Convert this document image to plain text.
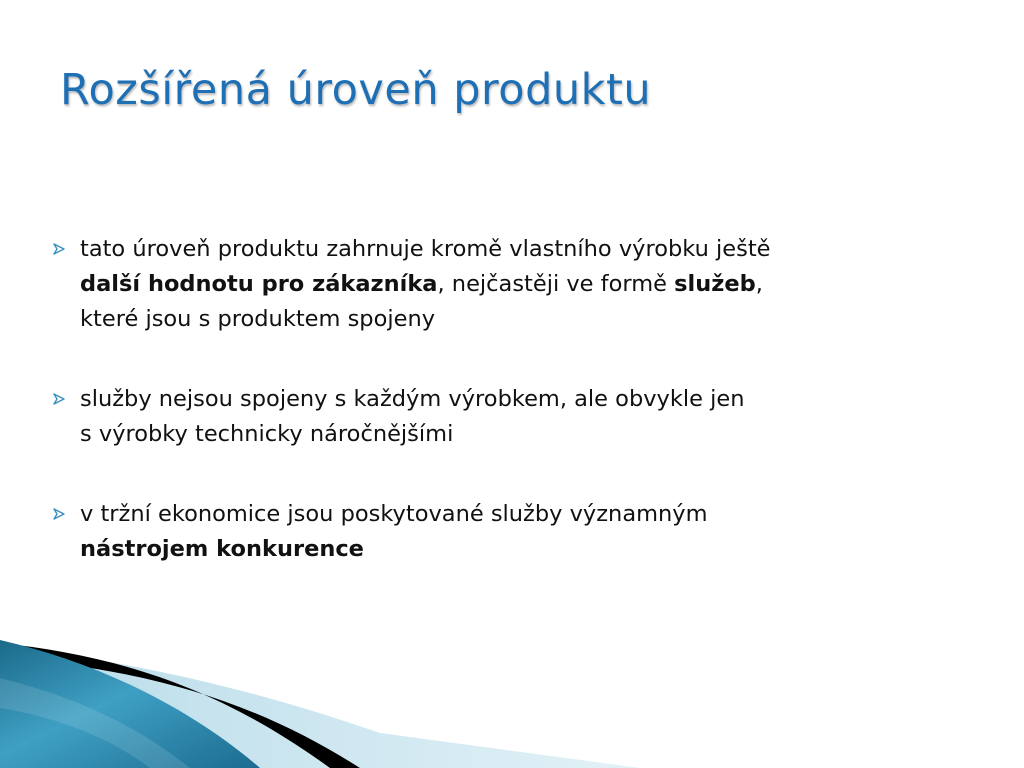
Rozšířená úroveň produktu
tato úroveň produktu zahrnuje kromě vlastního výrobku ještě
další hodnotu pro zákazníka, nejčastěji ve formě služeb,
které jsou s produktem spojeny
služby nejsou spojeny s každým výrobkem, ale obvykle jen
s výrobky technicky náročnějšími
v tržní ekonomice jsou poskytované služby významným
nástrojem konkurence
